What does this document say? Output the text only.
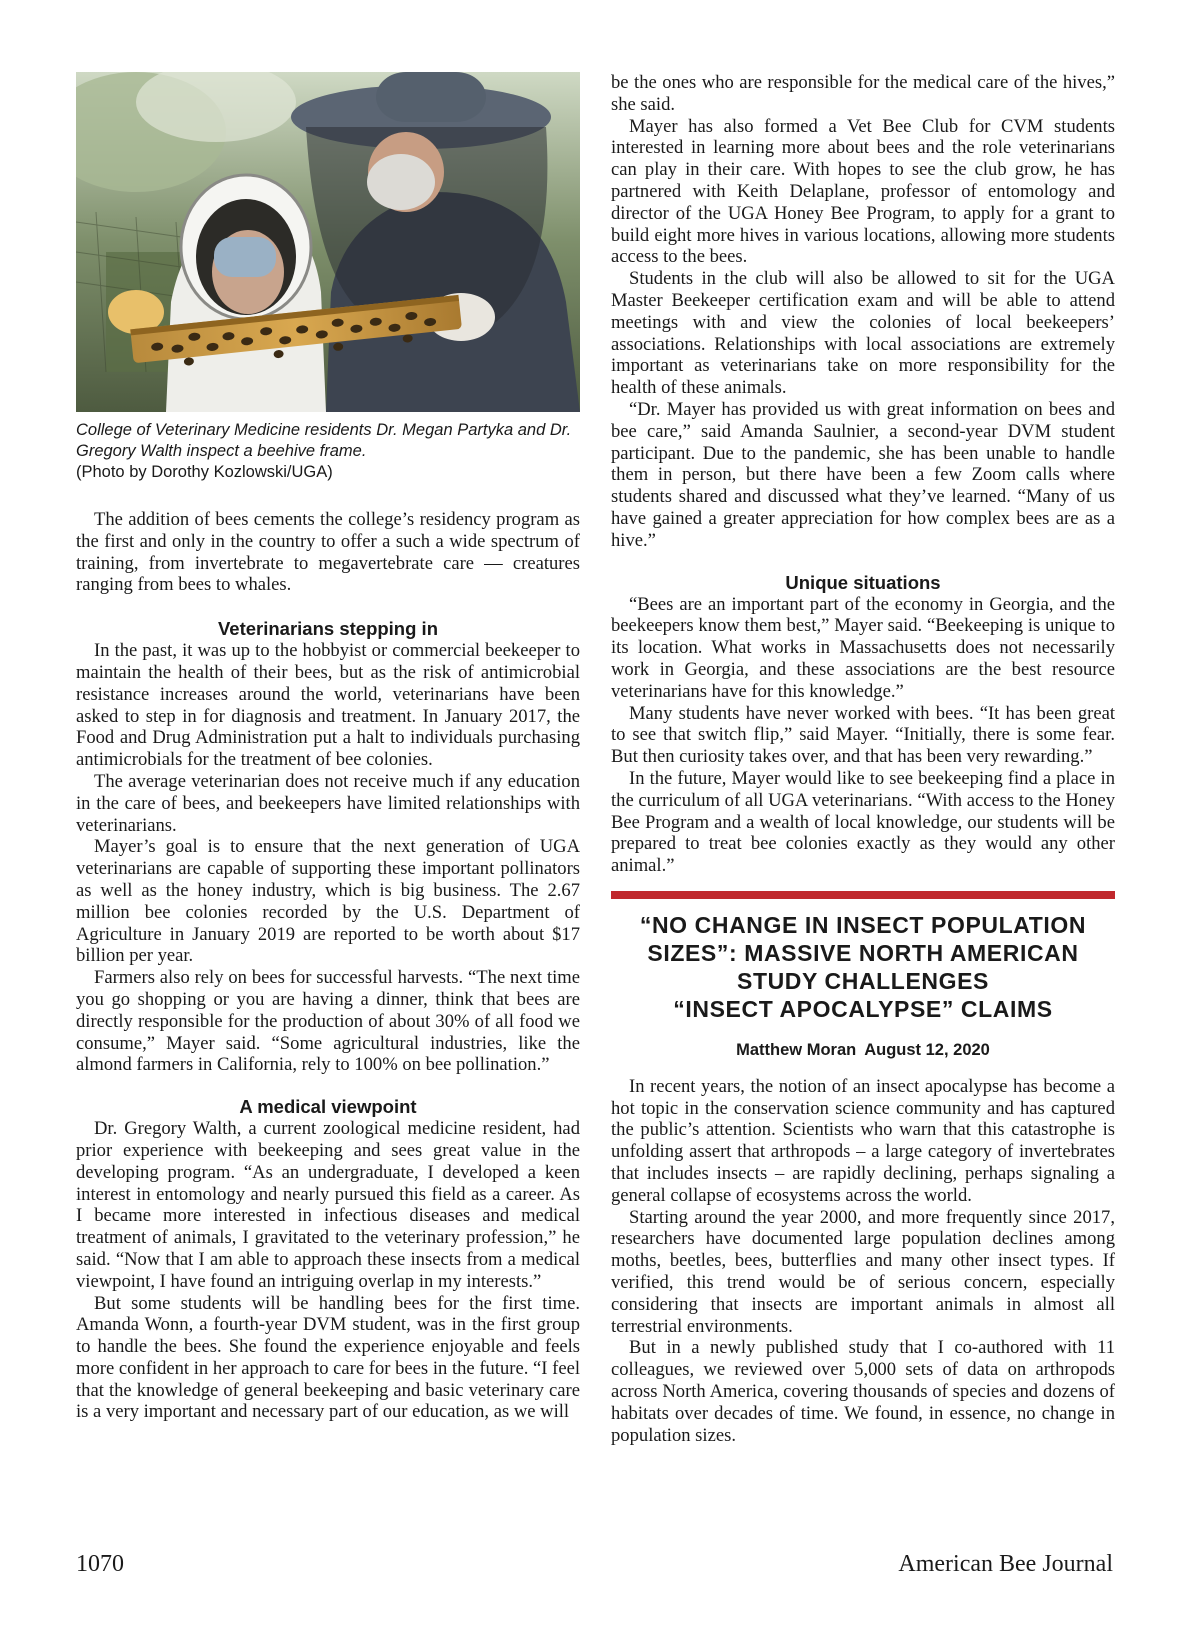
College of Veterinary Medicine residents Dr. Megan Partyka and Dr. Gregory Walth inspect a beehive frame.
(Photo by Dorothy Kozlowski/UGA)

The addition of bees cements the college’s residency program as the first and only in the country to offer a such a wide spectrum of training, from invertebrate to megavertebrate care — creatures ranging from bees to whales.

Veterinarians stepping in

In the past, it was up to the hobbyist or commercial beekeeper to maintain the health of their bees, but as the risk of antimicrobial resistance increases around the world, veterinarians have been asked to step in for diagnosis and treatment. In January 2017, the Food and Drug Administration put a halt to individuals purchasing antimicrobials for the treatment of bee colonies.

The average veterinarian does not receive much if any education in the care of bees, and beekeepers have limited relationships with veterinarians.

Mayer’s goal is to ensure that the next generation of UGA veterinarians are capable of supporting these important pollinators as well as the honey industry, which is big business. The 2.67 million bee colonies recorded by the U.S. Department of Agriculture in January 2019 are reported to be worth about $17 billion per year.

Farmers also rely on bees for successful harvests. “The next time you go shopping or you are having a dinner, think that bees are directly responsible for the production of about 30% of all food we consume,” Mayer said. “Some agricultural industries, like the almond farmers in California, rely to 100% on bee pollination.”

A medical viewpoint

Dr. Gregory Walth, a current zoological medicine resident, had prior experience with beekeeping and sees great value in the developing program. “As an undergraduate, I developed a keen interest in entomology and nearly pursued this field as a career. As I became more interested in infectious diseases and medical treatment of animals, I gravitated to the veterinary profession,” he said. “Now that I am able to approach these insects from a medical viewpoint, I have found an intriguing overlap in my interests.”

But some students will be handling bees for the first time. Amanda Wonn, a fourth-year DVM student, was in the first group to handle the bees. She found the experience enjoyable and feels more confident in her approach to care for bees in the future. “I feel that the knowledge of general beekeeping and basic veterinary care is a very important and necessary part of our education, as we will

be the ones who are responsible for the medical care of the hives,” she said.

Mayer has also formed a Vet Bee Club for CVM students interested in learning more about bees and the role veterinarians can play in their care. With hopes to see the club grow, he has partnered with Keith Delaplane, professor of entomology and director of the UGA Honey Bee Program, to apply for a grant to build eight more hives in various locations, allowing more students access to the bees.

Students in the club will also be allowed to sit for the UGA Master Beekeeper certification exam and will be able to attend meetings with and view the colonies of local beekeepers’ associations. Relationships with local associations are extremely important as veterinarians take on more responsibility for the health of these animals.

“Dr. Mayer has provided us with great information on bees and bee care,” said Amanda Saulnier, a second-year DVM student participant. Due to the pandemic, she has been unable to handle them in person, but there have been a few Zoom calls where students shared and discussed what they’ve learned. “Many of us have gained a greater appreciation for how complex bees are as a hive.”

Unique situations

“Bees are an important part of the economy in Georgia, and the beekeepers know them best,” Mayer said. “Beekeeping is unique to its location. What works in Massachusetts does not necessarily work in Georgia, and these associations are the best resource veterinarians have for this knowledge.”

Many students have never worked with bees. “It has been great to see that switch flip,” said Mayer. “Initially, there is some fear. But then curiosity takes over, and that has been very rewarding.”

In the future, Mayer would like to see beekeeping find a place in the curriculum of all UGA veterinarians. “With access to the Honey Bee Program and a wealth of local knowledge, our students will be prepared to treat bee colonies exactly as they would any other animal.”

“NO CHANGE IN INSECT POPULATION
SIZES”: MASSIVE NORTH AMERICAN
STUDY CHALLENGES
“INSECT APOCALYPSE” CLAIMS
Matthew Moran August 12, 2020

In recent years, the notion of an insect apocalypse has become a hot topic in the conservation science community and has captured the public’s attention. Scientists who warn that this catastrophe is unfolding assert that arthropods – a large category of invertebrates that includes insects – are rapidly declining, perhaps signaling a general collapse of ecosystems across the world.

Starting around the year 2000, and more frequently since 2017, researchers have documented large population declines among moths, beetles, bees, butterflies and many other insect types. If verified, this trend would be of serious concern, especially considering that insects are important animals in almost all terrestrial environments.

But in a newly published study that I co-authored with 11 colleagues, we reviewed over 5,000 sets of data on arthropods across North America, covering thousands of species and dozens of habitats over decades of time. We found, in essence, no change in population sizes.

1070	American Bee Journal
